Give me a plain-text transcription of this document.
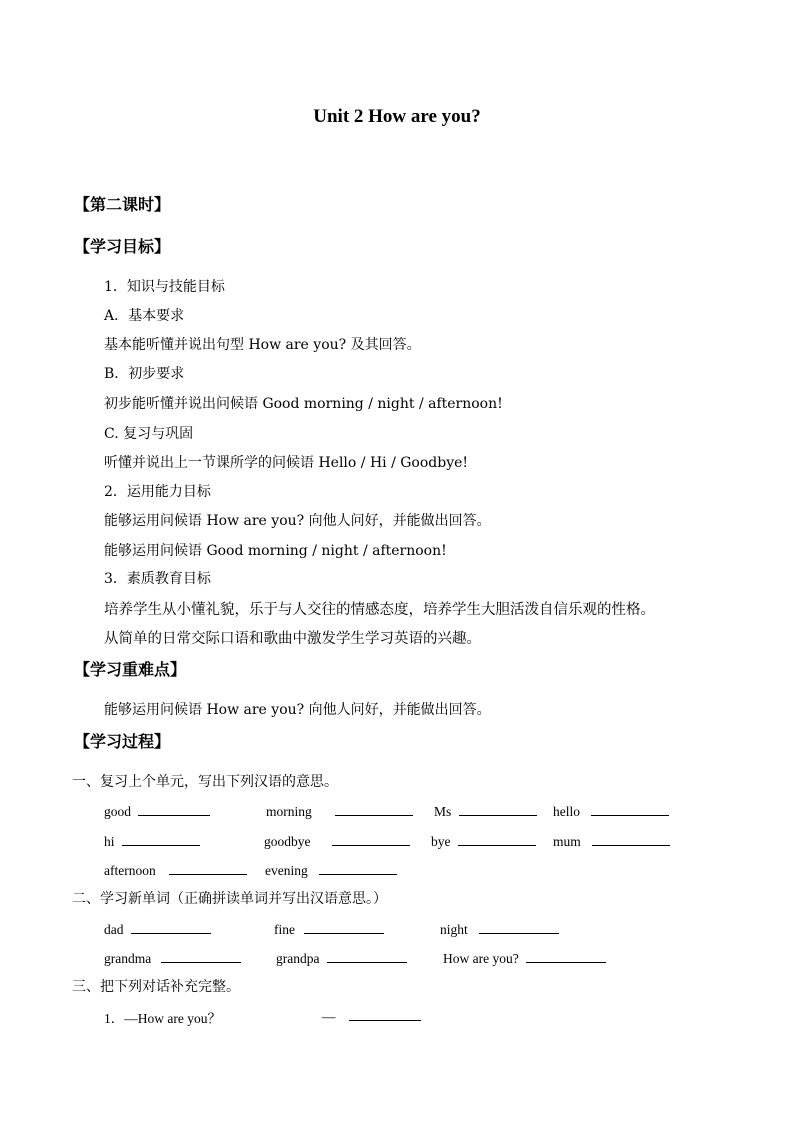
Unit 2 How are you?
【第二课时】
【学习目标】
1．知识与技能目标
A．基本要求
基本能听懂并说出句型 How are you? 及其回答。
B．初步要求
初步能听懂并说出问候语 Good morning / night / afternoon!
C. 复习与巩固
听懂并说出上一节课所学的问候语 Hello / Hi / Goodbye!
2．运用能力目标
能够运用问候语 How are you? 向他人问好，并能做出回答。
能够运用问候语 Good morning / night / afternoon!
3．素质教育目标
培养学生从小懂礼貌，乐于与人交往的情感态度，培养学生大胆活泼自信乐观的性格。
从简单的日常交际口语和歌曲中激发学生学习英语的兴趣。
【学习重难点】
能够运用问候语 How are you? 向他人问好，并能做出回答。
【学习过程】
一、复习上个单元，写出下列汉语的意思。
good	morning	Ms	hello
hi	goodbye	bye	mum
afternoon	evening
二、学习新单词（正确拼读单词并写出汉语意思。）
dad	fine	night
grandma	grandpa	How are you?
三、把下列对话补充完整。
1．—How are you？	—
